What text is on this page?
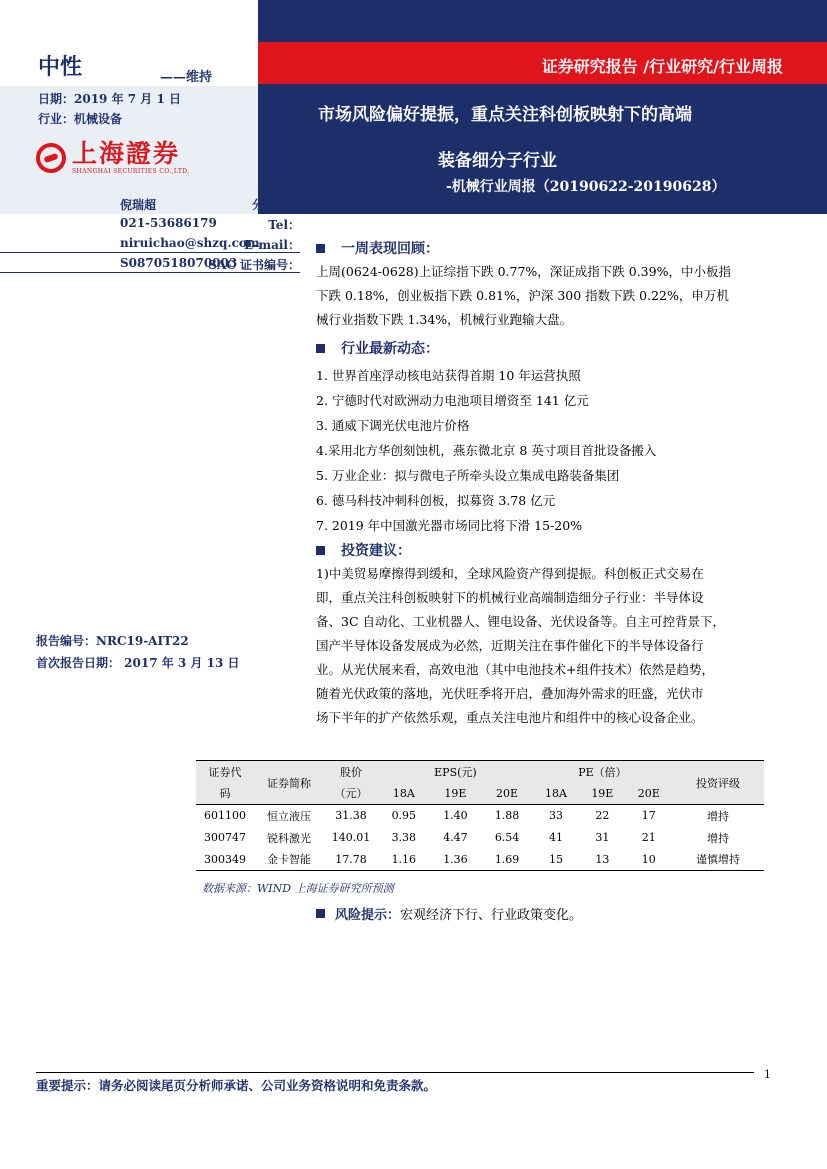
证券研究报告 /行业研究/行业周报
市场风险偏好提振，重点关注科创板映射下的高端
装备细分子行业
-机械行业周报（20190622-20190628）
中性	——维持
日期：2019 年 7 月 1 日
行业：机械设备
上海證券
SHANGHAI SECURITIES CO.,LTD.
分析师：
倪瑞超
Tel：
021-53686179
E-mail：
niruichao@shzq.com
SAC 证书编号：
S0870518070003
报告编号：NRC19-AIT22
首次报告日期： 2017 年 3 月 13 日
一周表现回顾：
上周(0624-0628)上证综指下跌 0.77%，深证成指下跌 0.39%，中小板指
下跌 0.18%，创业板指下跌 0.81%，沪深 300 指数下跌 0.22%，申万机
械行业指数下跌 1.34%，机械行业跑输大盘。
行业最新动态：
1. 世界首座浮动核电站获得首期 10 年运营执照
2. 宁德时代对欧洲动力电池项目增资至 141 亿元
3. 通威下调光伏电池片价格
4.采用北方华创刻蚀机，燕东微北京 8 英寸项目首批设备搬入
5. 万业企业：拟与微电子所牵头设立集成电路装备集团
6. 德马科技冲刺科创板，拟募资 3.78 亿元
7. 2019 年中国激光器市场同比将下滑 15-20%
投资建议：
1)中美贸易摩擦得到缓和，全球风险资产得到提振。科创板正式交易在
即，重点关注科创板映射下的机械行业高端制造细分子行业：半导体设
备、3C 自动化、工业机器人、锂电设备、光伏设备等。自主可控背景下，
国产半导体设备发展成为必然，近期关注在事件催化下的半导体设备行
业。从光伏展来看，高效电池（其中电池技术+组件技术）依然是趋势，
随着光伏政策的落地，光伏旺季将开启，叠加海外需求的旺盛，光伏市
场下半年的扩产依然乐观，重点关注电池片和组件中的核心设备企业。
证券代	证券简称	股价	EPS(元)			PE（倍）			投资评级
码		（元）	18A	19E	20E	18A	19E	20E	
601100	恒立液压	31.38	0.95	1.40	1.88	33	22	17	增持
300747	锐科激光	140.01	3.38	4.47	6.54	41	31	21	增持
300349	金卡智能	17.78	1.16	1.36	1.69	15	13	10	谨慎增持
数据来源：WIND 上海证券研究所预测
风险提示： 宏观经济下行、行业政策变化。
重要提示：请务必阅读尾页分析师承诺、公司业务资格说明和免责条款。
1
